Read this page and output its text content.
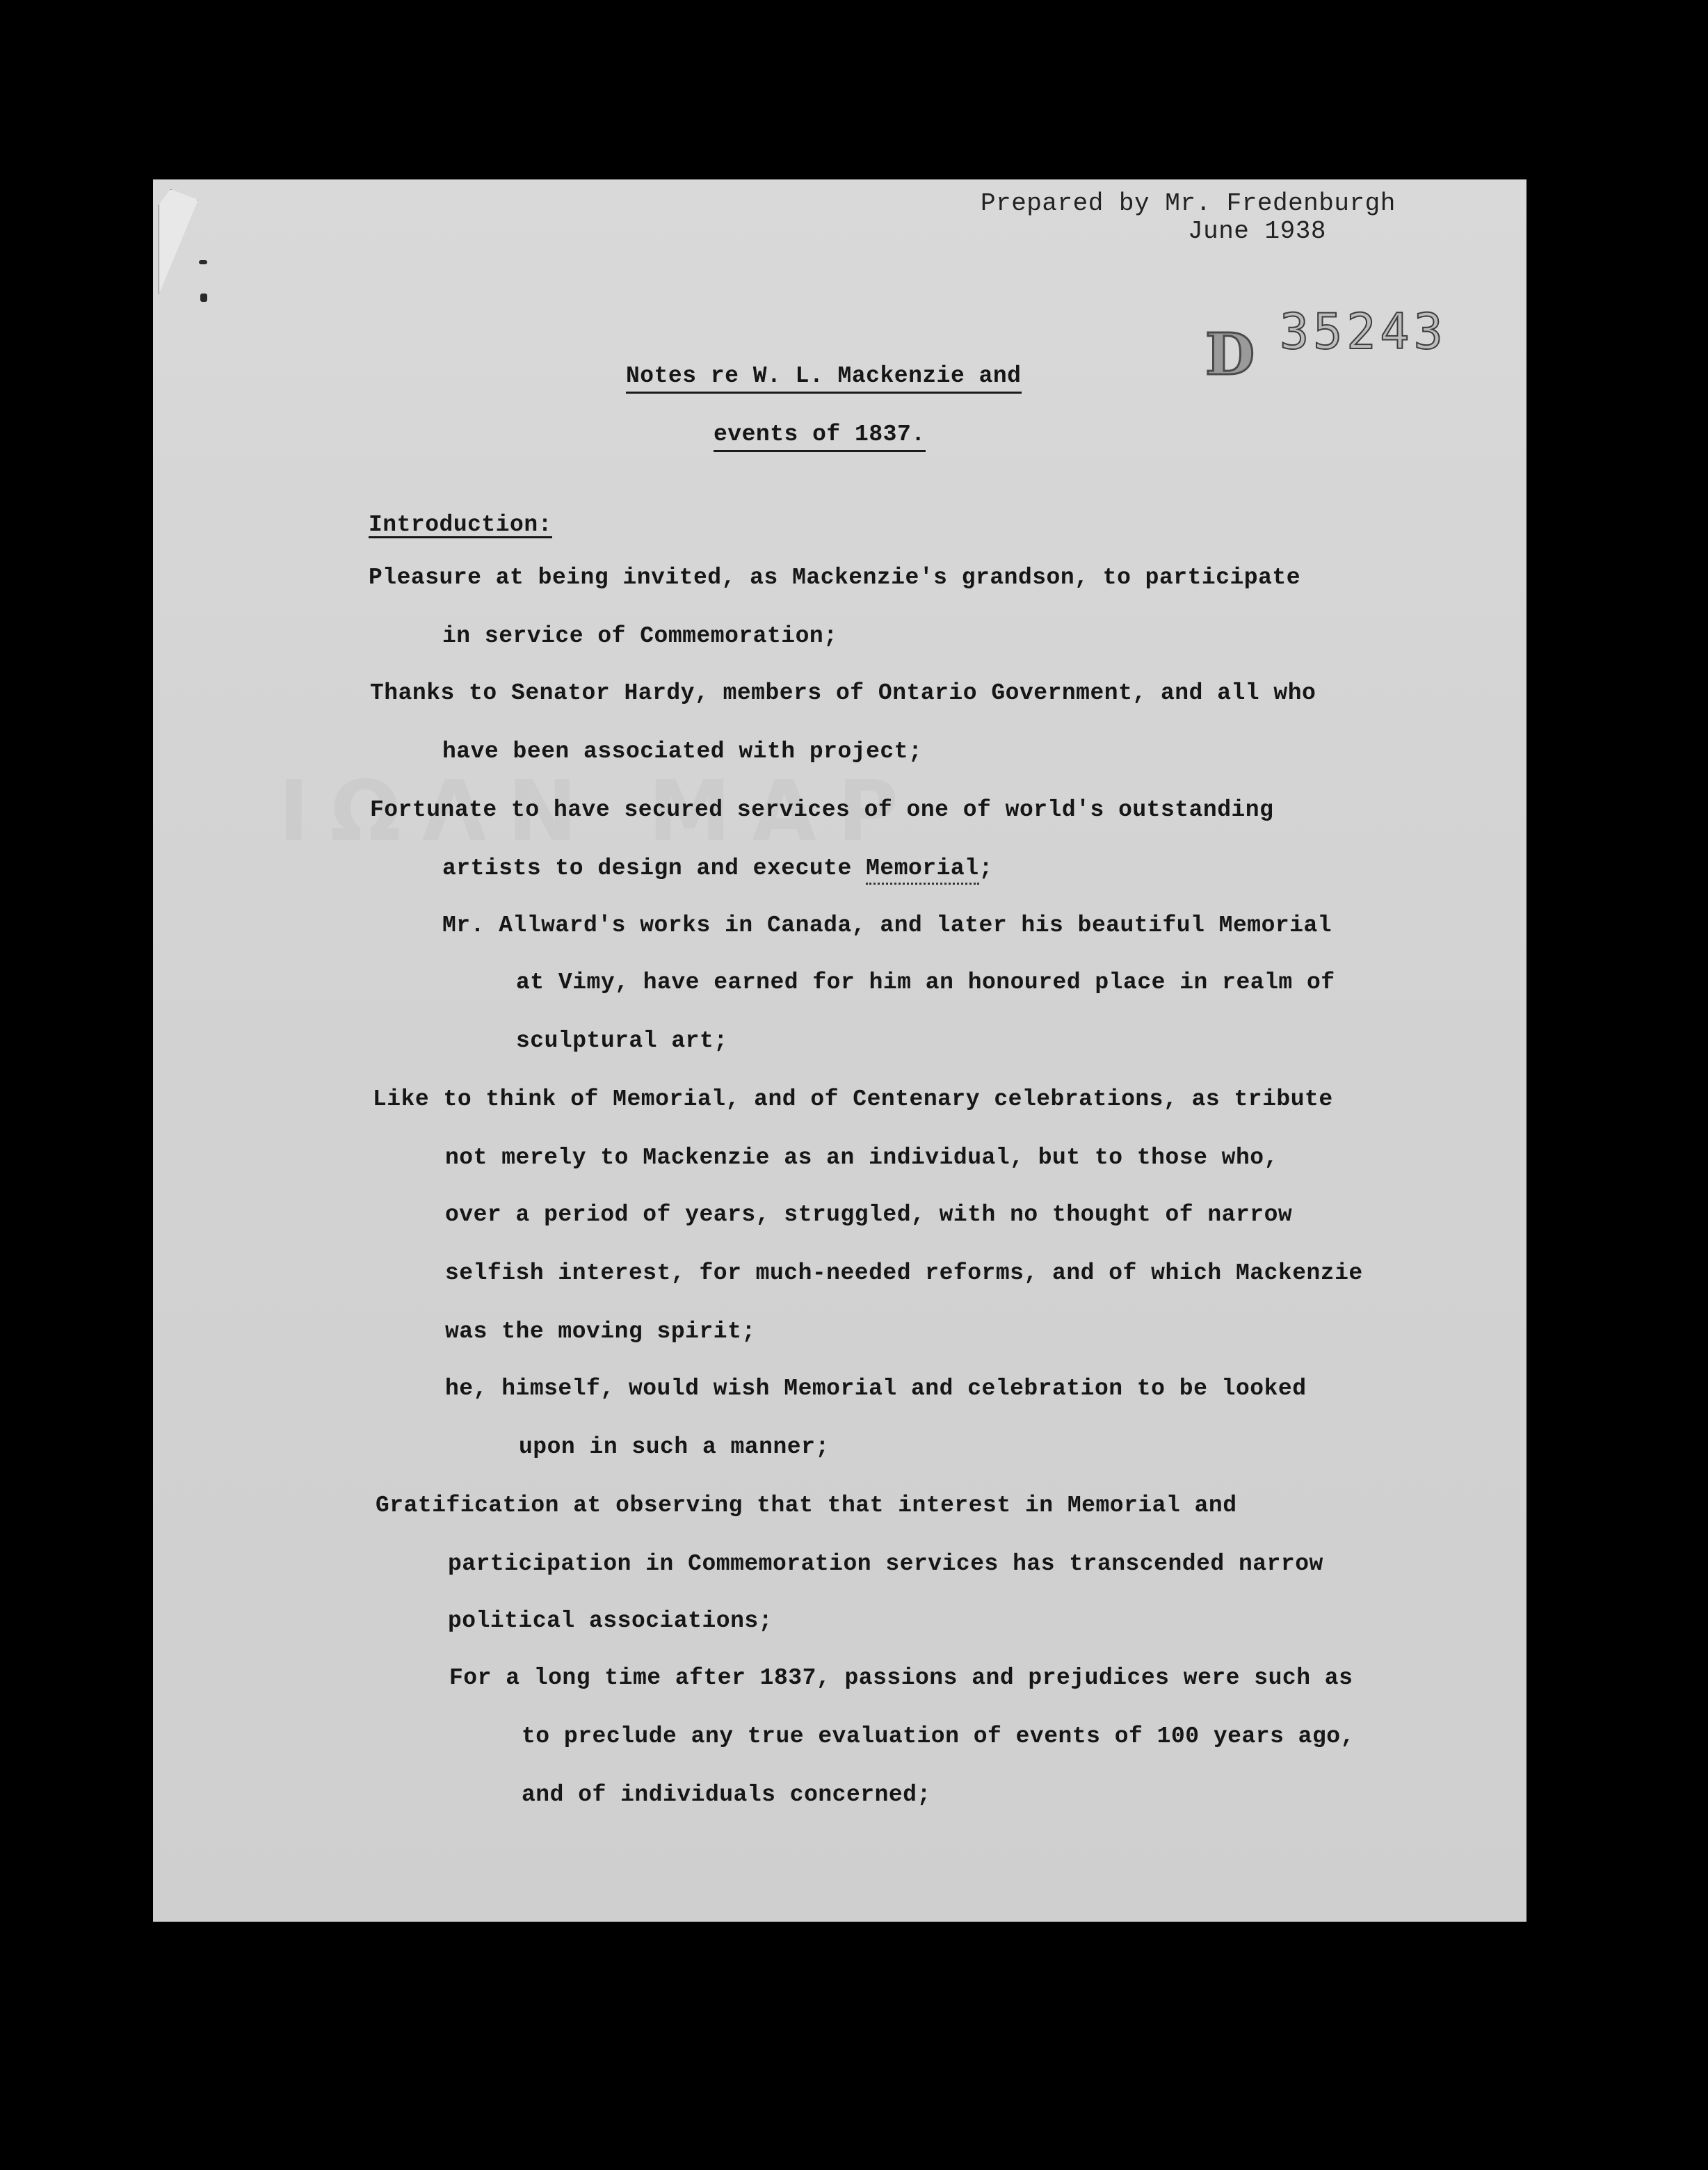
Prepared by Mr. Fredenburgh
June 1938
D 35243
Notes re W. L. Mackenzie and
events of 1837.
Introduction:
Pleasure at being invited, as Mackenzie's grandson, to participate
in service of Commemoration;
Thanks to Senator Hardy, members of Ontario Government, and all who
have been associated with project;
Fortunate to have secured services of one of world's outstanding
artists to design and execute Memorial;
Mr. Allward's works in Canada, and later his beautiful Memorial
at Vimy, have earned for him an honoured place in realm of
sculptural art;
Like to think of Memorial, and of Centenary celebrations, as tribute
not merely to Mackenzie as an individual, but to those who,
over a period of years, struggled, with no thought of narrow
selfish interest, for much-needed reforms, and of which Mackenzie
was the moving spirit;
he, himself, would wish Memorial and celebration to be looked
upon in such a manner;
Gratification at observing that that interest in Memorial and
participation in Commemoration services has transcended narrow
political associations;
For a long time after 1837, passions and prejudices were such as
to preclude any true evaluation of events of 100 years ago,
and of individuals concerned;
